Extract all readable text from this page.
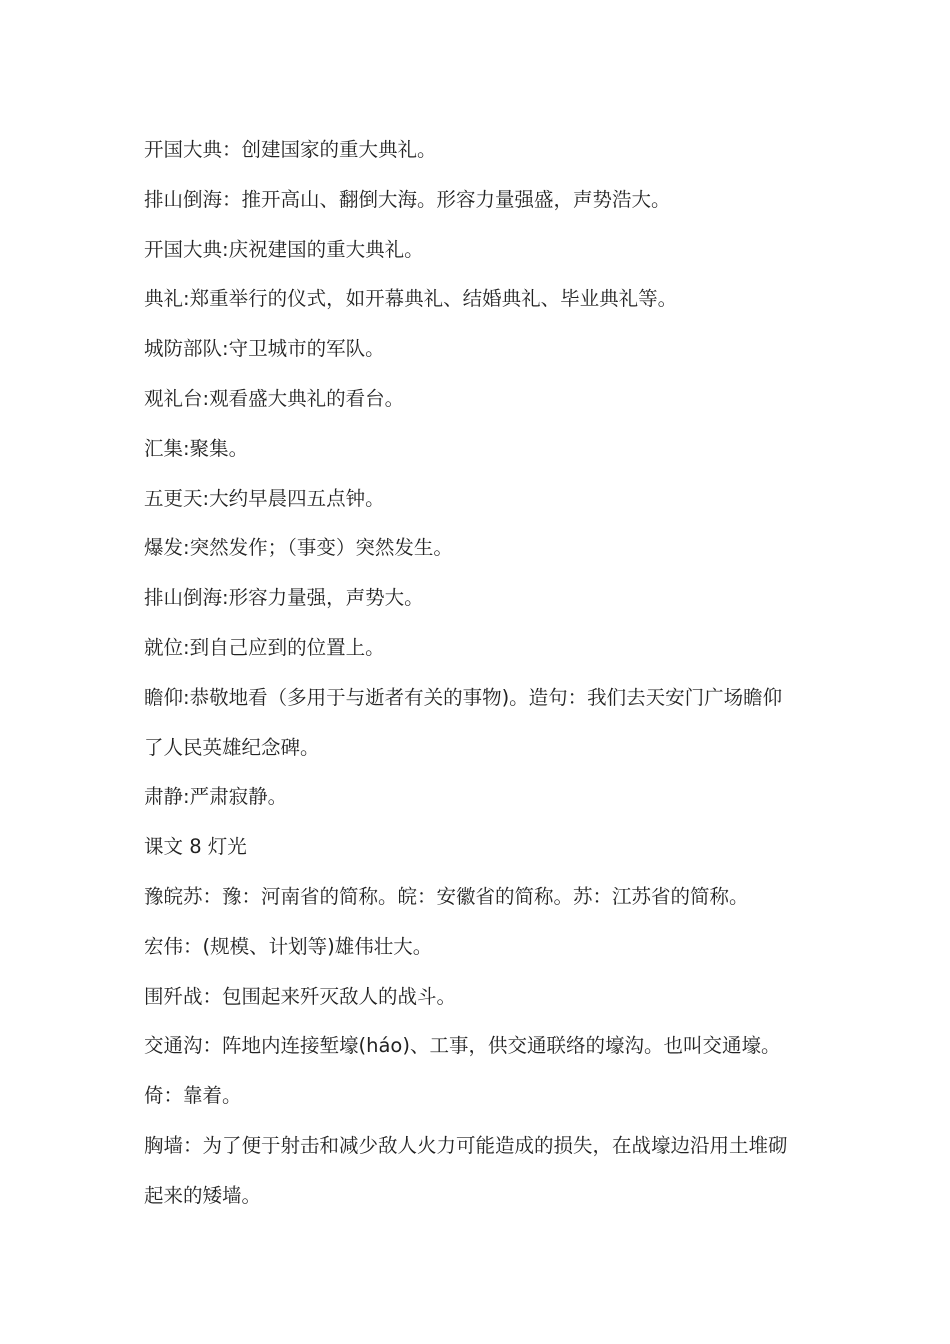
开国大典：创建国家的重大典礼。

排山倒海：推开高山、翻倒大海。形容力量强盛，声势浩大。

开国大典:庆祝建国的重大典礼。

典礼:郑重举行的仪式，如开幕典礼、结婚典礼、毕业典礼等。

城防部队:守卫城市的军队。

观礼台:观看盛大典礼的看台。

汇集:聚集。

五更天:大约早晨四五点钟。

爆发:突然发作；（事变）突然发生。

排山倒海:形容力量强，声势大。

就位:到自己应到的位置上。

瞻仰:恭敬地看（多用于与逝者有关的事物)。造句：我们去天安门广场瞻仰

了人民英雄纪念碑。

肃静:严肃寂静。

课文 8 灯光

豫皖苏：豫：河南省的简称。皖：安徽省的简称。苏：江苏省的简称。

宏伟：(规模、计划等)雄伟壮大。

围歼战：包围起来歼灭敌人的战斗。

交通沟：阵地内连接堑壕(háo)、工事，供交通联络的壕沟。也叫交通壕。

倚：靠着。

胸墙：为了便于射击和减少敌人火力可能造成的损失，在战壕边沿用土堆砌

起来的矮墙。
